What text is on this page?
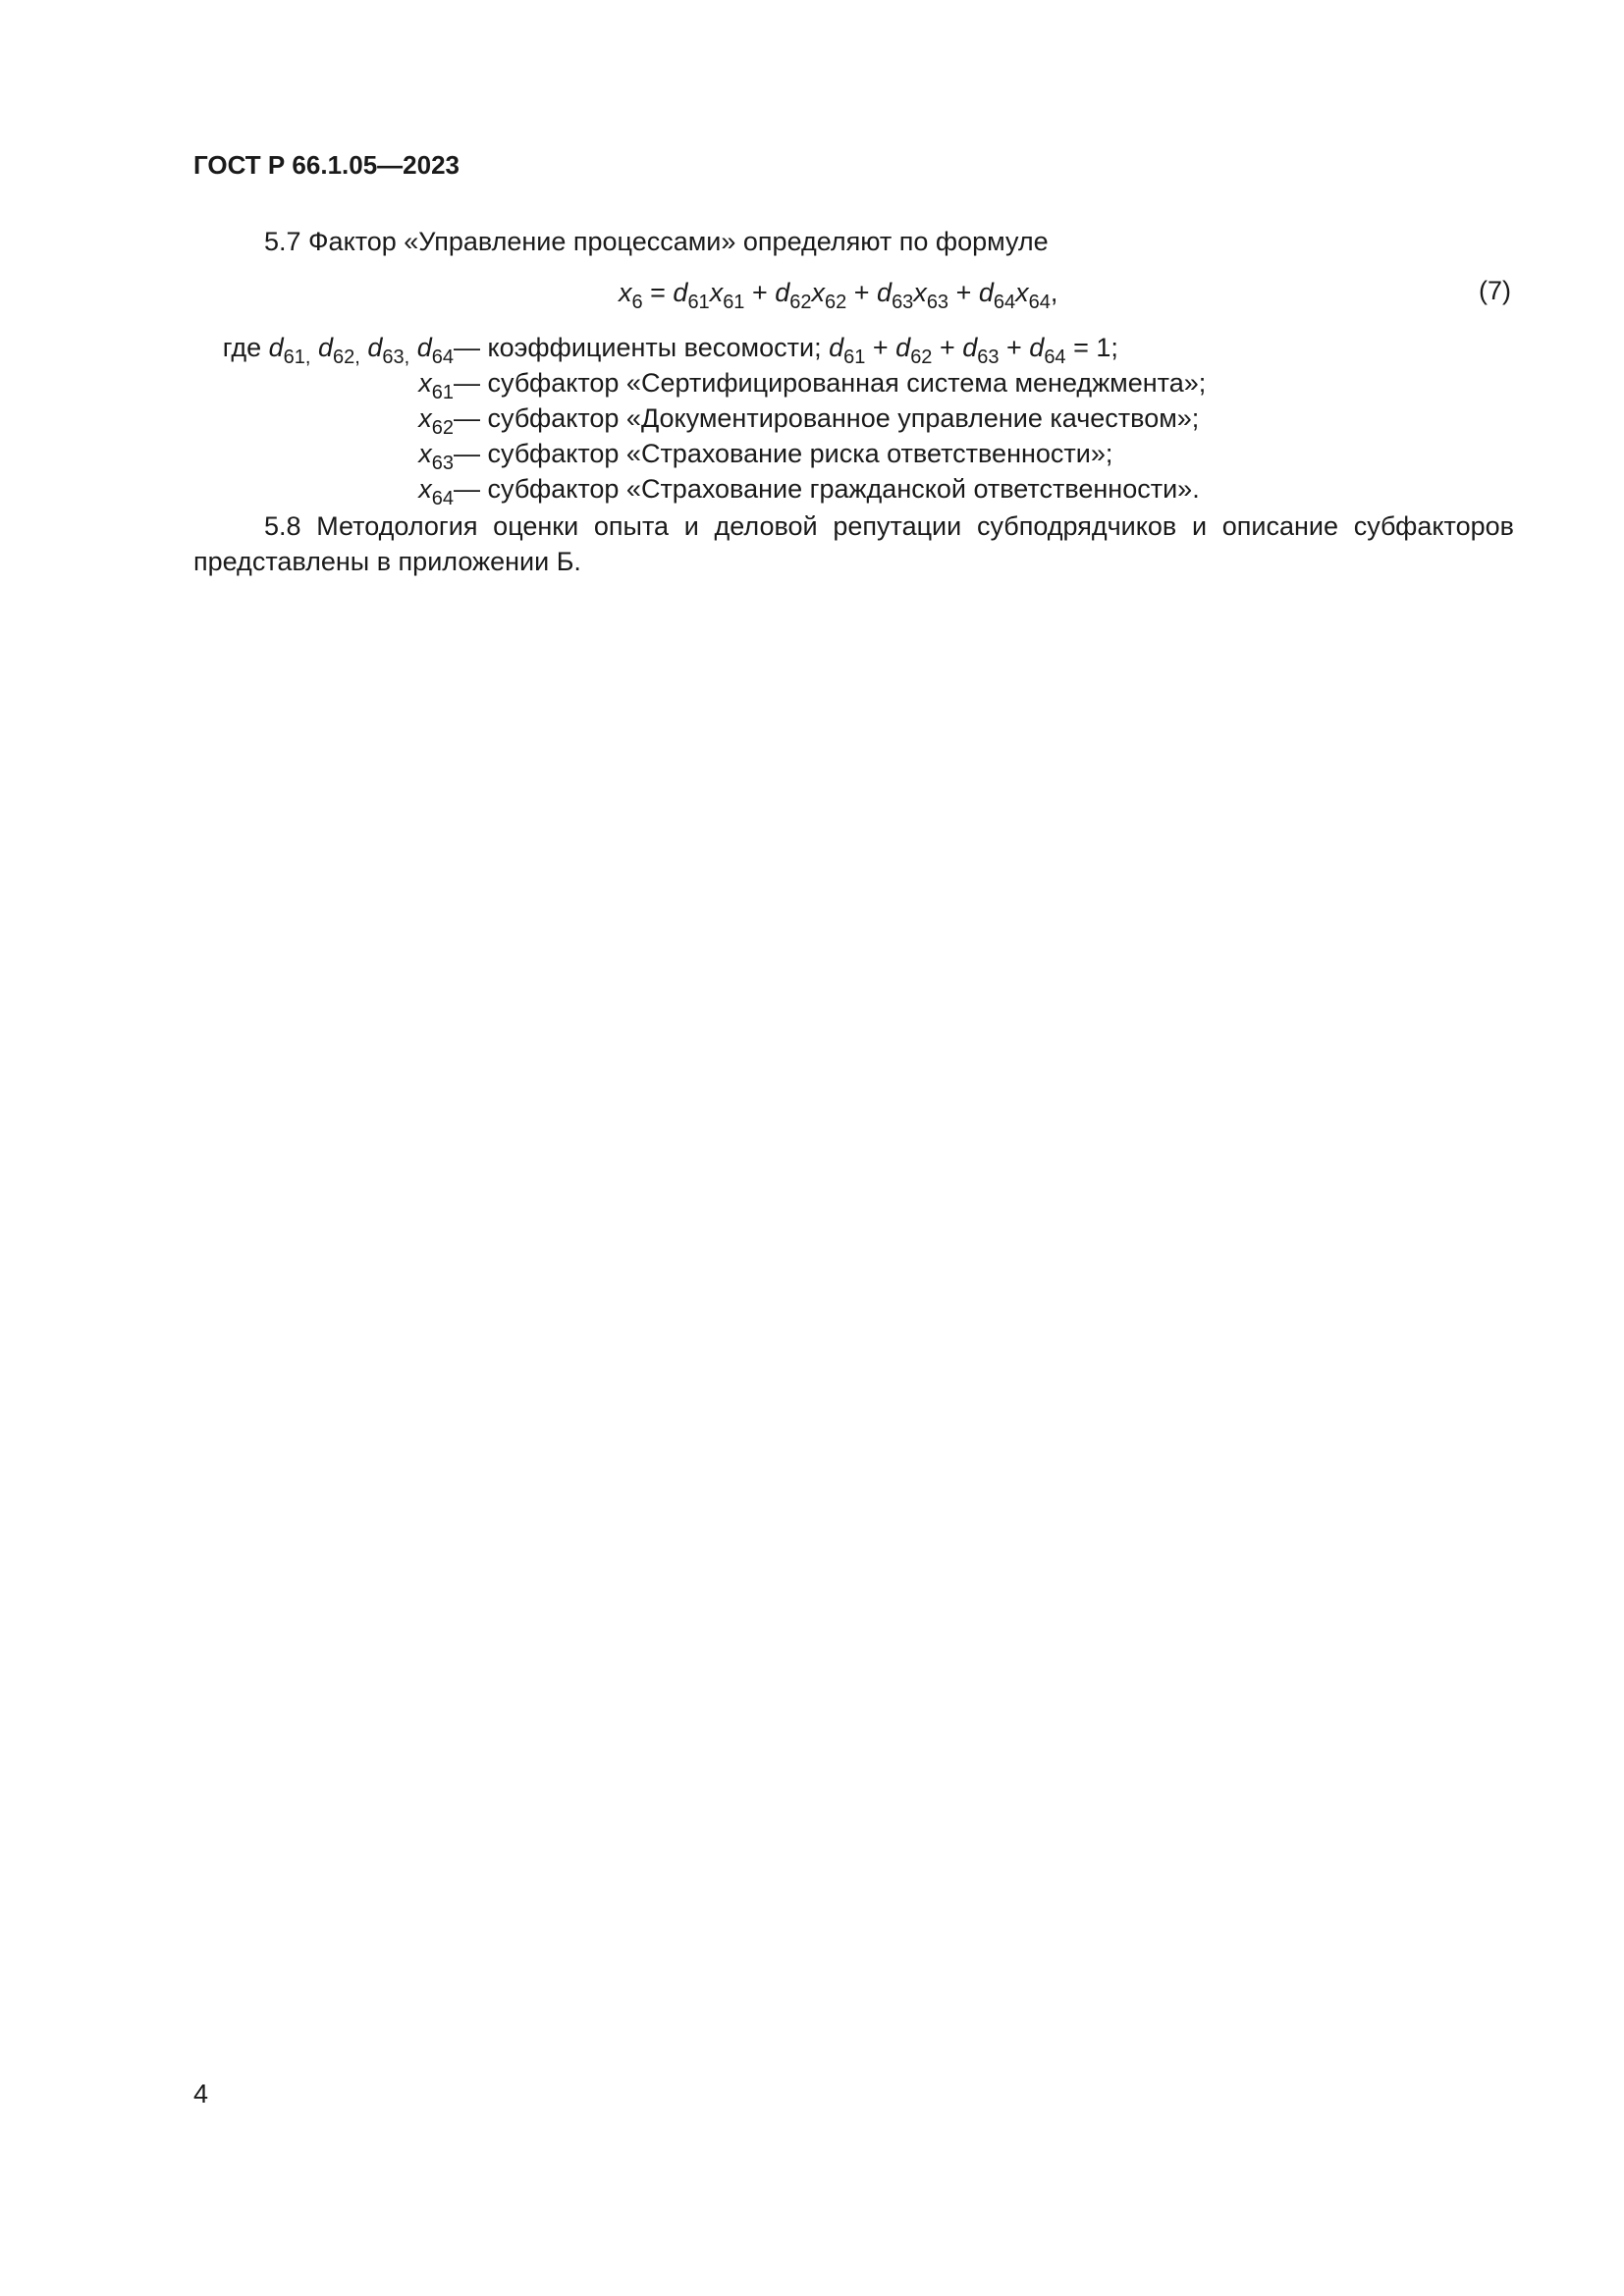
ГОСТ Р 66.1.05—2023

5.7 Фактор «Управление процессами» определяют по формуле

$x_6 = d_{61}x_{61} + d_{62}x_{62} + d_{63}x_{63} + d_{64}x_{64}$,	(7)
где $d_{61,}$ $d_{62,}$ $d_{63,}$ $d_{64}$ — коэффициенты весомости; $d_{61} + d_{62} + d_{63} + d_{64} = 1$;
$x_{61}$ — субфактор «Сертифицированная система менеджмента»;
$x_{62}$ — субфактор «Документированное управление качеством»;
$x_{63}$ — субфактор «Страхование риска ответственности»;
$x_{64}$ — субфактор «Страхование гражданской ответственности».

5.8  Методология  оценки  опыта  и  деловой  репутации  субподрядчиков  и  описание  субфакторов

представлены в приложении Б.

4
